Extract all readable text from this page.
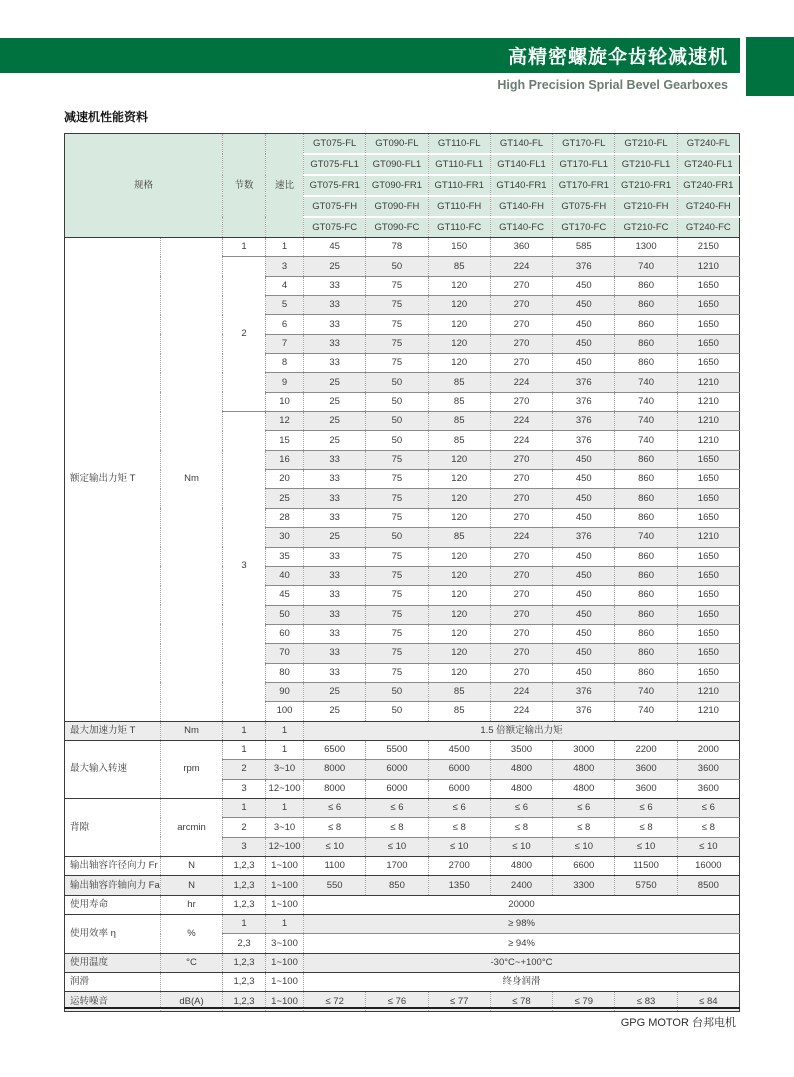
高精密螺旋伞齿轮减速机
High Precision Sprial Bevel Gearboxes
减速机性能资料
规格		节数	速比	GT075-FL	GT090-FL	GT110-FL	GT140-FL	GT170-FL	GT210-FL	GT240-FL
				GT075-FL1	GT090-FL1	GT110-FL1	GT140-FL1	GT170-FL1	GT210-FL1	GT240-FL1
				GT075-FR1	GT090-FR1	GT110-FR1	GT140-FR1	GT170-FR1	GT210-FR1	GT240-FR1
				GT075-FH	GT090-FH	GT110-FH	GT140-FH	GT075-FH	GT210-FH	GT240-FH
				GT075-FC	GT090-FC	GT110-FC	GT140-FC	GT170-FC	GT210-FC	GT240-FC
额定输出力矩 T	Nm	1	1	45	78	150	360	585	1300	2150
		2	3	25	50	85	224	376	740	1210
			4	33	75	120	270	450	860	1650
			5	33	75	120	270	450	860	1650
			6	33	75	120	270	450	860	1650
			7	33	75	120	270	450	860	1650
			8	33	75	120	270	450	860	1650
			9	25	50	85	224	376	740	1210
			10	25	50	85	270	376	740	1210
		3	12	25	50	85	224	376	740	1210
			15	25	50	85	224	376	740	1210
			16	33	75	120	270	450	860	1650
			20	33	75	120	270	450	860	1650
			25	33	75	120	270	450	860	1650
			28	33	75	120	270	450	860	1650
			30	25	50	85	224	376	740	1210
			35	33	75	120	270	450	860	1650
			40	33	75	120	270	450	860	1650
			45	33	75	120	270	450	860	1650
			50	33	75	120	270	450	860	1650
			60	33	75	120	270	450	860	1650
			70	33	75	120	270	450	860	1650
			80	33	75	120	270	450	860	1650
			90	25	50	85	224	376	740	1210
			100	25	50	85	224	376	740	1210
最大加速力矩 T	Nm	1	1	1.5 倍额定输出力矩						
最大输入转速	rpm	1	1	6500	5500	4500	3500	3000	2200	2000
		2	3~10	8000	6000	6000	4800	4800	3600	3600
		3	12~100	8000	6000	6000	4800	4800	3600	3600
背隙	arcmin	1	1	≤ 6	≤ 6	≤ 6	≤ 6	≤ 6	≤ 6	≤ 6
		2	3~10	≤ 8	≤ 8	≤ 8	≤ 8	≤ 8	≤ 8	≤ 8
		3	12~100	≤ 10	≤ 10	≤ 10	≤ 10	≤ 10	≤ 10	≤ 10
输出轴容许径向力 Fr	N	1,2,3	1~100	1100	1700	2700	4800	6600	11500	16000
输出轴容许轴向力 Fa	N	1,2,3	1~100	550	850	1350	2400	3300	5750	8500
使用寿命	hr	1,2,3	1~100	20000						
使用效率 η	%	1	1	≥ 98%						
		2,3	3~100	≥ 94%						
使用温度	°C	1,2,3	1~100	-30°C~+100°C						
润滑		1,2,3	1~100	终身润滑						
运转噪音	dB(A)	1,2,3	1~100	≤ 72	≤ 76	≤ 77	≤ 78	≤ 79	≤ 83	≤ 84
GPG MOTOR 台邦电机
